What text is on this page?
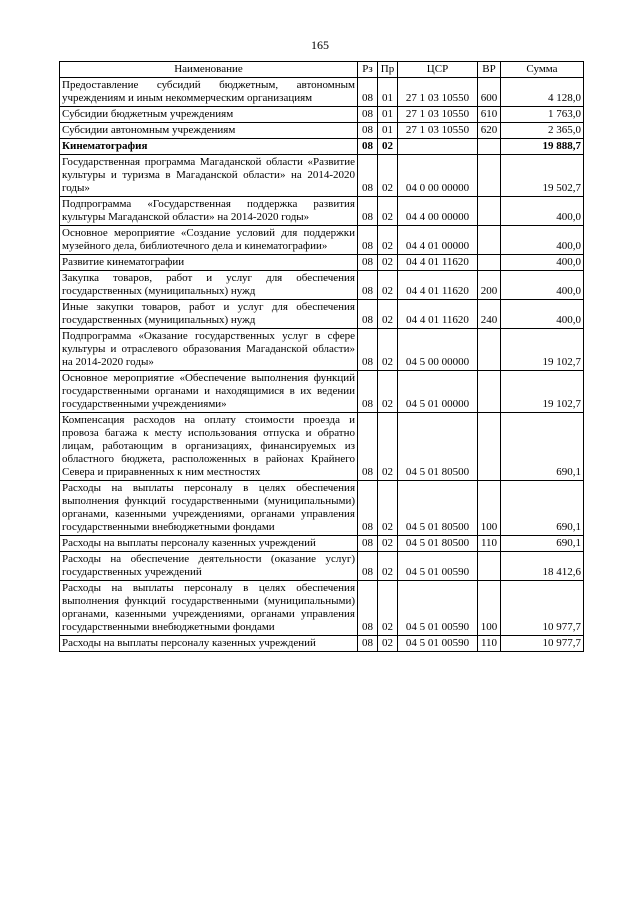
165
Наименование	Рз	Пр	ЦСР	ВР	Сумма
Предоставление субсидий бюджетным, автономным учреждениям и иным некоммерческим организациям	08	01	27 1 03 10550	600	4 128,0
Субсидии бюджетным учреждениям	08	01	27 1 03 10550	610	1 763,0
Субсидии автономным учреждениям	08	01	27 1 03 10550	620	2 365,0
Кинематография	08	02			19 888,7
Государственная программа Магаданской области «Развитие культуры и туризма в Магаданской области» на 2014-2020 годы»	08	02	04 0 00 00000		19 502,7
Подпрограмма «Государственная поддержка развития культуры Магаданской области» на 2014-2020 годы»	08	02	04 4 00 00000		400,0
Основное мероприятие «Создание условий для поддержки музейного дела, библиотечного дела и кинематографии»	08	02	04 4 01 00000		400,0
Развитие кинематографии	08	02	04 4 01 11620		400,0
Закупка товаров, работ и услуг для обеспечения государственных (муниципальных) нужд	08	02	04 4 01 11620	200	400,0
Иные закупки товаров, работ и услуг для обеспечения государственных (муниципальных) нужд	08	02	04 4 01 11620	240	400,0
Подпрограмма «Оказание государственных услуг в сфере культуры и отраслевого образования Магаданской области» на 2014-2020 годы»	08	02	04 5 00 00000		19 102,7
Основное мероприятие «Обеспечение выполнения функций государственными органами и находящимися в их ведении государственными учреждениями»	08	02	04 5 01 00000		19 102,7
Компенсация расходов на оплату стоимости проезда и провоза багажа к месту использования отпуска и обратно лицам, работающим в организациях, финансируемых из областного бюджета, расположенных в районах Крайнего Севера и приравненных к ним местностях	08	02	04 5 01 80500		690,1
Расходы на выплаты персоналу в целях обеспечения выполнения функций государственными (муниципальными) органами, казенными учреждениями, органами управления государственными внебюджетными фондами	08	02	04 5 01 80500	100	690,1
Расходы на выплаты персоналу казенных учреждений	08	02	04 5 01 80500	110	690,1
Расходы на обеспечение деятельности (оказание услуг) государственных учреждений	08	02	04 5 01 00590		18 412,6
Расходы на выплаты персоналу в целях обеспечения выполнения функций государственными (муниципальными) органами, казенными учреждениями, органами управления государственными внебюджетными фондами	08	02	04 5 01 00590	100	10 977,7
Расходы на выплаты персоналу казенных учреждений	08	02	04 5 01 00590	110	10 977,7
